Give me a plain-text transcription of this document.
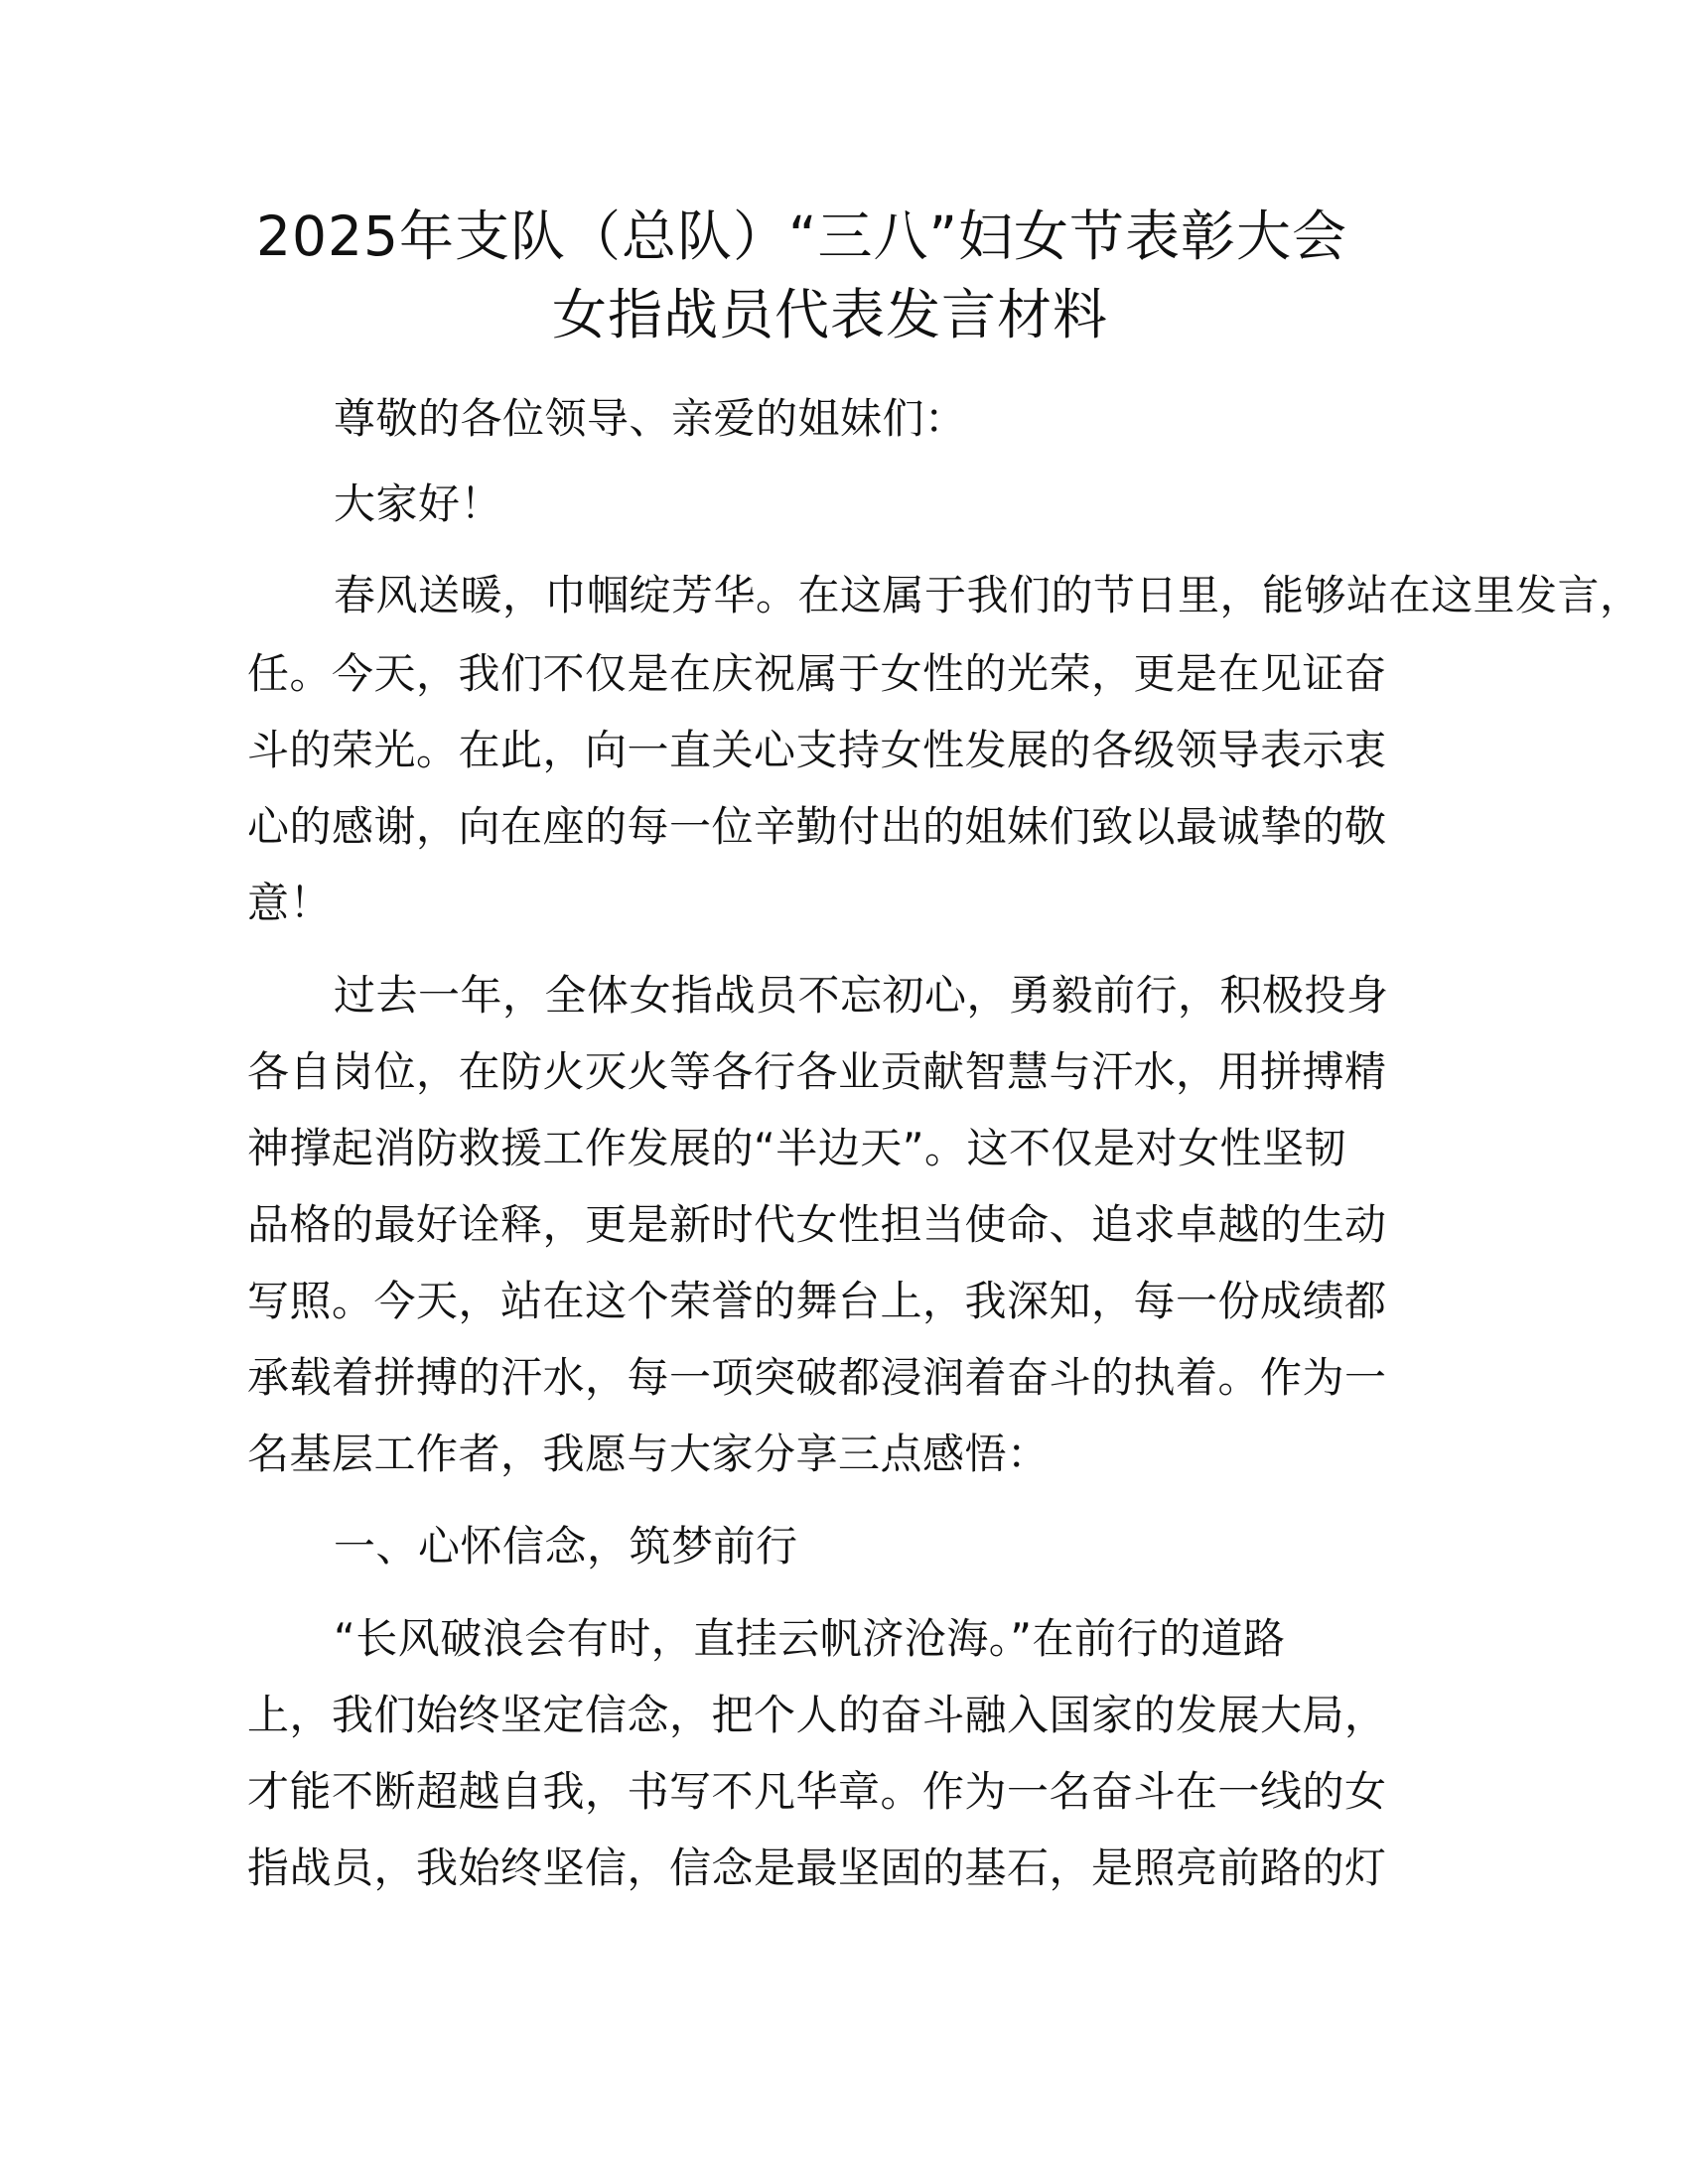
2025年支队（总队）“三八”妇女节表彰大会
女指战员代表发言材料
尊敬的各位领导、亲爱的姐妹们：
大家好！
春风送暖，巾帼绽芳华。在这属于我们的节日里，能够站在这里发言，
任。今天，我们不仅是在庆祝属于女性的光荣，更是在见证奋
斗的荣光。在此，向一直关心支持女性发展的各级领导表示衷
心的感谢，向在座的每一位辛勤付出的姐妹们致以最诚挚的敬
意！
过去一年，全体女指战员不忘初心，勇毅前行，积极投身
各自岗位，在防火灭火等各行各业贡献智慧与汗水，用拼搏精
神撑起消防救援工作发展的“半边天”。这不仅是对女性坚韧
品格的最好诠释，更是新时代女性担当使命、追求卓越的生动
写照。今天，站在这个荣誉的舞台上，我深知，每一份成绩都
承载着拼搏的汗水，每一项突破都浸润着奋斗的执着。作为一
名基层工作者，我愿与大家分享三点感悟：
一、心怀信念，筑梦前行
“长风破浪会有时，直挂云帆济沧海。”在前行的道路
上，我们始终坚定信念，把个人的奋斗融入国家的发展大局，
才能不断超越自我，书写不凡华章。作为一名奋斗在一线的女
指战员，我始终坚信，信念是最坚固的基石，是照亮前路的灯
